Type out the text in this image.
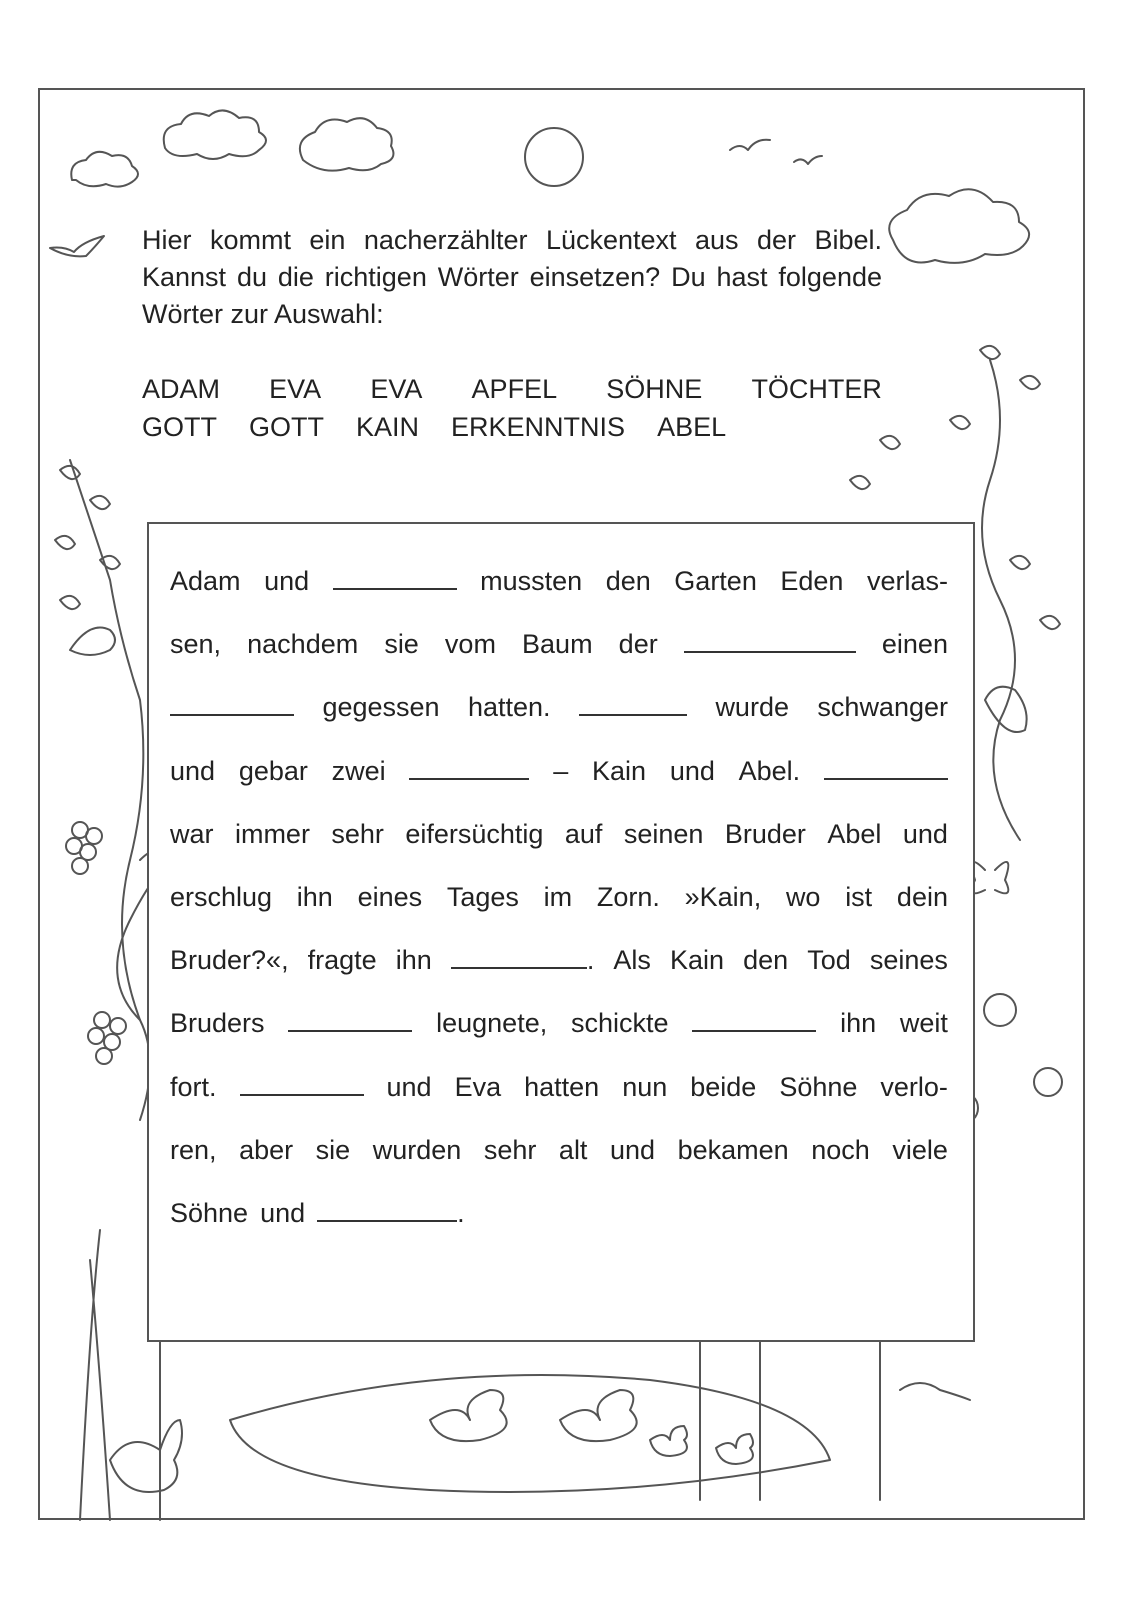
Hier kommt ein nacherzählter Lückentext aus der Bibel. Kannst du die richtigen Wörter einsetzen? Du hast folgende Wörter zur Auswahl:

ADAM EVA EVA APFEL SÖHNE TÖCHTER
GOTT GOTT KAIN ERKENNTNIS ABEL
Adam und	mussten den Garten Eden verlas-
sen, nachdem sie vom Baum der	einen
gegessen hatten.	wurde schwanger
und gebar zwei	– Kain und Abel.
war immer sehr eifersüchtig auf seinen Bruder Abel und
erschlug ihn eines Tages im Zorn. »Kain, wo ist dein
Bruder?«, fragte ihn	. Als Kain den Tod seines
Bruders	leugnete, schickte	ihn weit
fort.	und Eva hatten nun beide Söhne verlo-
ren, aber sie wurden sehr alt und bekamen noch viele
Söhne und	.
